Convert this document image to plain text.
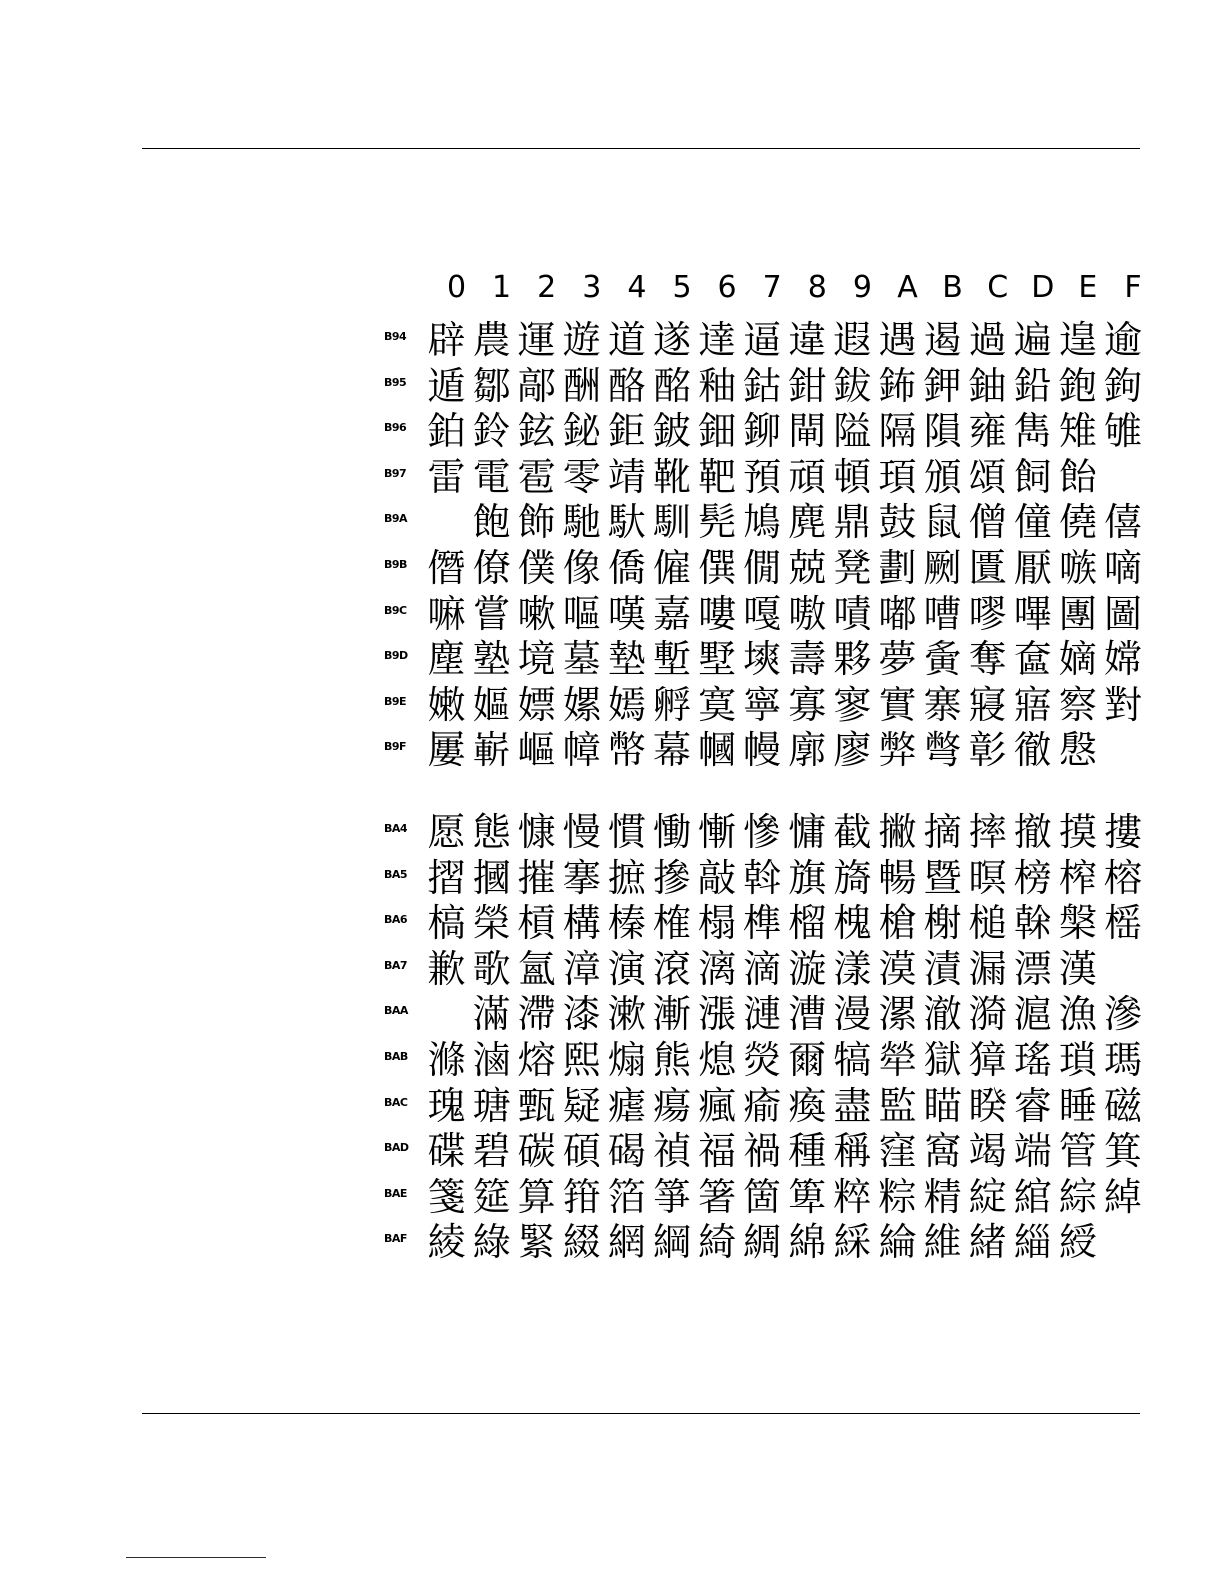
0 1 2 3 4 5 6 7 8 9 A B C D E F
B94 辟 農 運 遊 道 遂 達 逼 違 遐 遇 遏 過 遍 遑 逾
B95 遁 鄒 鄗 酬 酪 酩 釉 鈷 鉗 鈸 鈽 鉀 鈾 鉛 鉋 鉤
B96 鉑 鈴 鉉 鉍 鉅 鈹 鈿 鉚 閘 隘 隔 隕 雍 雋 雉 雊
B97 雷 電 雹 零 靖 靴 靶 預 頑 頓 頊 頒 頌 飼 飴
B9A	飽 飾 馳 馱 馴 髡 鳩 麂 鼎 鼓 鼠 僧 僮 僥 僖
B9B 僭 僚 僕 像 僑 僱 僎 僩 兢 凳 劃 劂 匱 厭 嗾 嘀
B9C 嘛 嘗 嗽 嘔 嘆 嘉 嘍 嘎 嗷 嘖 嘟 嘈 嘐 嗶 團 圖
B9D 塵 塾 境 墓 墊 塹 墅 塽 壽 夥 夢 夤 奪 奩 嫡 嫦
B9E 嫩 嫗 嫖 嫘 嫣 孵 寞 寧 寡 寥 實 寨 寢 寤 察 對
B9F 屢 嶄 嶇 幛 幣 幕 幗 幔 廓 廖 弊 彆 彰 徹 慇
BA4 愿 態 慷 慢 慣 慟 慚 慘 慵 截 撇 摘 摔 撤 摸 摟
BA5 摺 摑 摧 搴 摭 摻 敲 斡 旗 旖 暢 暨 暝 榜 榨 榕
BA6 槁 榮 槓 構 榛 榷 榻 榫 榴 槐 槍 榭 槌 榦 槃 榣
BA7 歉 歌 氳 漳 演 滾 漓 滴 漩 漾 漠 漬 漏 漂 漢
BAA	滿 滯 漆 漱 漸 漲 漣 漕 漫 漯 澈 漪 滬 漁 滲
BAB 滌 滷 熔 熙 煽 熊 熄 熒 爾 犒 犖 獄 獐 瑤 瑣 瑪
BAC 瑰 瑭 甄 疑 瘧 瘍 瘋 瘉 瘓 盡 監 瞄 睽 睿 睡 磁
BAD 碟 碧 碳 碩 碣 禎 福 禍 種 稱 窪 窩 竭 端 管 箕
BAE 箋 筵 算 箝 箔 箏 箸 箇 箄 粹 粽 精 綻 綰 綜 綽
BAF 綾 綠 緊 綴 網 綱 綺 綢 綿 綵 綸 維 緒 緇 綬
